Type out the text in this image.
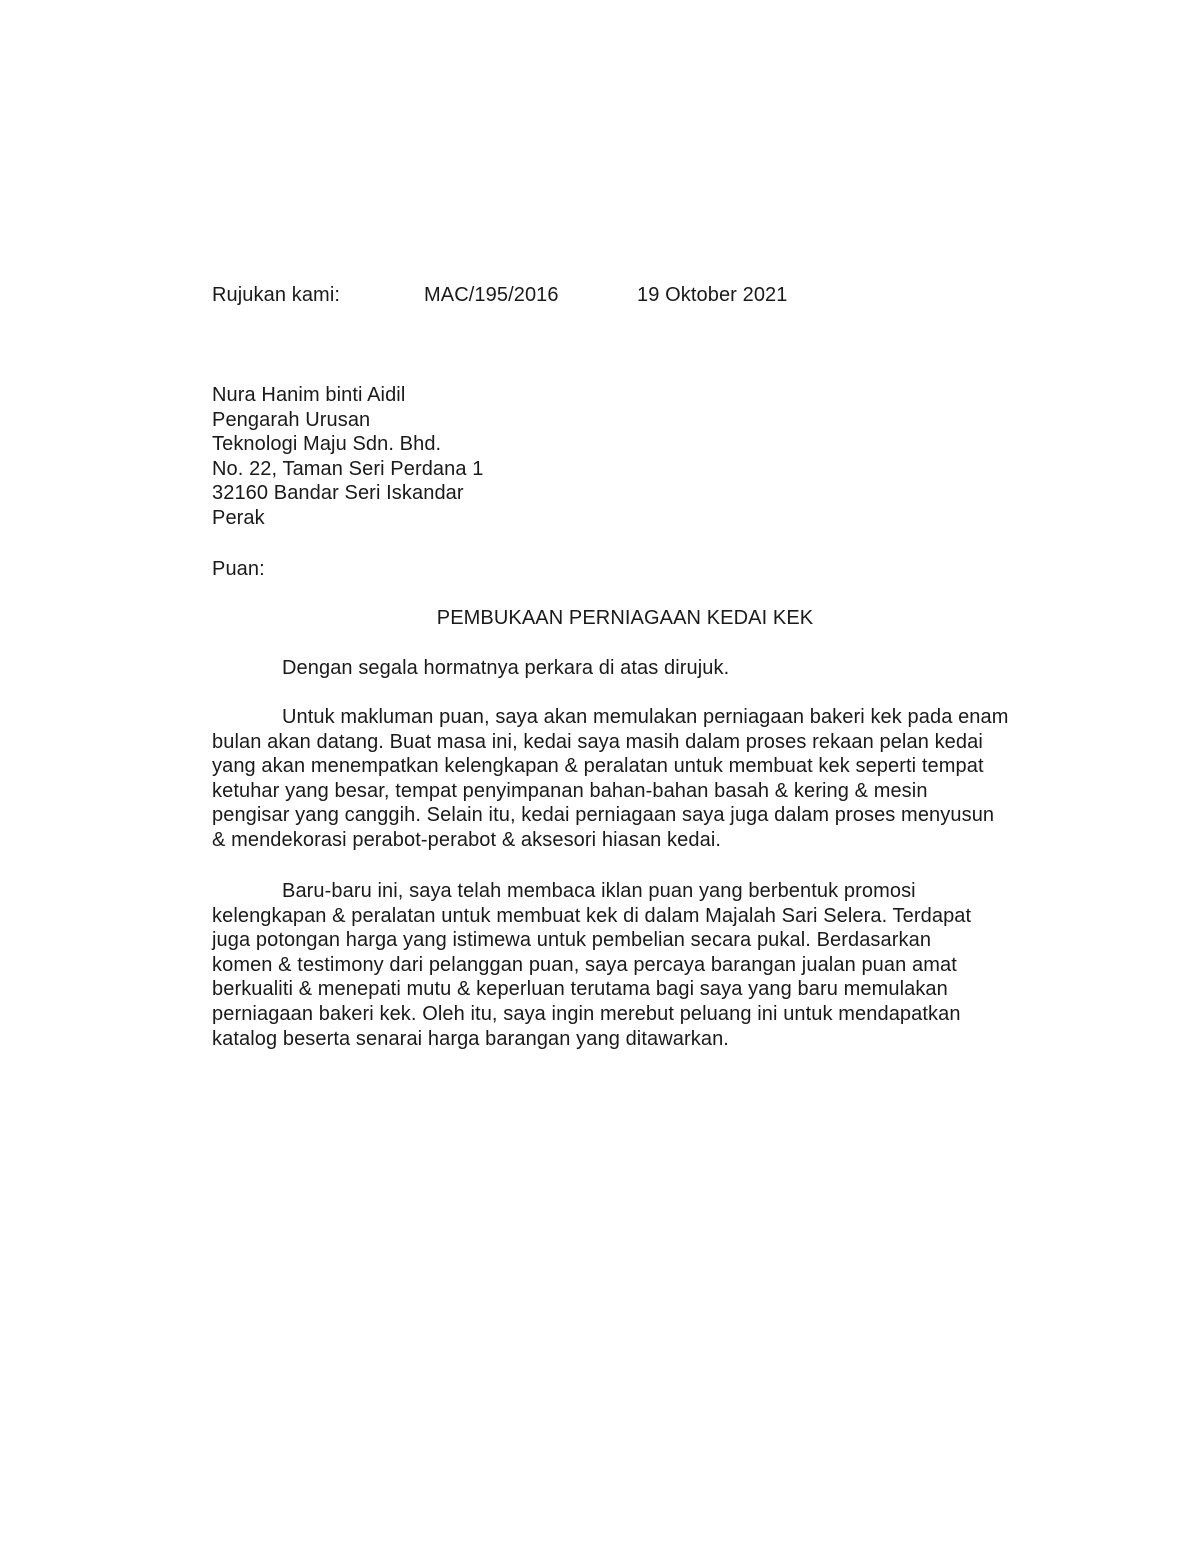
Rujukan kami:	MAC/195/2016	19 Oktober 2021
Nura Hanim binti Aidil
Pengarah Urusan
Teknologi Maju Sdn. Bhd.
No. 22, Taman Seri Perdana 1
32160 Bandar Seri Iskandar
Perak
Puan:
PEMBUKAAN PERNIAGAAN KEDAI KEK
Dengan segala hormatnya perkara di atas dirujuk.
Untuk makluman puan, saya akan memulakan perniagaan bakeri kek pada enam
bulan akan datang. Buat masa ini, kedai saya masih dalam proses rekaan pelan kedai
yang akan menempatkan kelengkapan & peralatan untuk membuat kek seperti tempat
ketuhar yang besar, tempat penyimpanan bahan-bahan basah & kering & mesin
pengisar yang canggih. Selain itu, kedai perniagaan saya juga dalam proses menyusun
& mendekorasi perabot-perabot & aksesori hiasan kedai.
Baru-baru ini, saya telah membaca iklan puan yang berbentuk promosi
kelengkapan & peralatan untuk membuat kek di dalam Majalah Sari Selera. Terdapat
juga potongan harga yang istimewa untuk pembelian secara pukal. Berdasarkan
komen & testimony dari pelanggan puan, saya percaya barangan jualan puan amat
berkualiti & menepati mutu & keperluan terutama bagi saya yang baru memulakan
perniagaan bakeri kek. Oleh itu, saya ingin merebut peluang ini untuk mendapatkan
katalog beserta senarai harga barangan yang ditawarkan.
